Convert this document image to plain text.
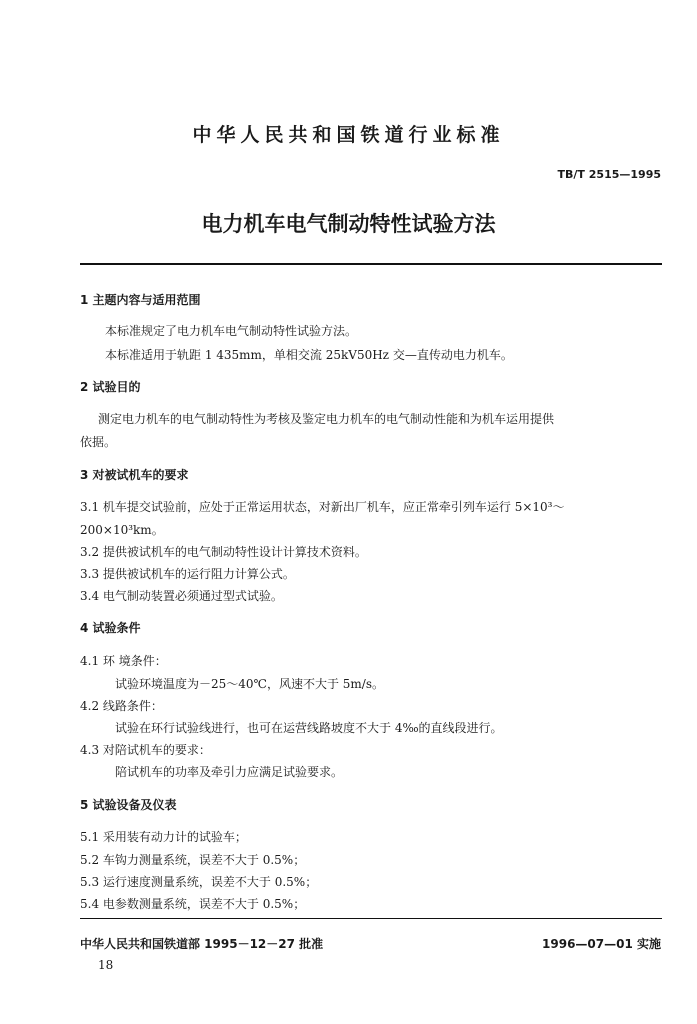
中华人民共和国铁道行业标准
TB/T 2515—1995
电力机车电气制动特性试验方法
1 主题内容与适用范围
本标准规定了电力机车电气制动特性试验方法。
本标准适用于轨距 1 435mm，单相交流 25kV50Hz 交—直传动电力机车。
2 试验目的
测定电力机车的电气制动特性为考核及鉴定电力机车的电气制动性能和为机车运用提供
依据。
3 对被试机车的要求
3.1 机车提交试验前，应处于正常运用状态，对新出厂机车，应正常牵引列车运行 5×10³～
200×10³km。
3.2 提供被试机车的电气制动特性设计计算技术资料。
3.3 提供被试机车的运行阻力计算公式。
3.4 电气制动装置必须通过型式试验。
4 试验条件
4.1 环 境条件：
试验环境温度为－25～40℃，风速不大于 5m/s。
4.2 线路条件：
试验在环行试验线进行，也可在运营线路坡度不大于 4‰的直线段进行。
4.3 对陪试机车的要求：
陪试机车的功率及牵引力应满足试验要求。
5 试验设备及仪表
5.1 采用装有动力计的试验车；
5.2 车钩力测量系统，误差不大于 0.5%；
5.3 运行速度测量系统，误差不大于 0.5%；
5.4 电参数测量系统，误差不大于 0.5%；
中华人民共和国铁道部 1995－12－27 批准	1996—07—01 实施
18
